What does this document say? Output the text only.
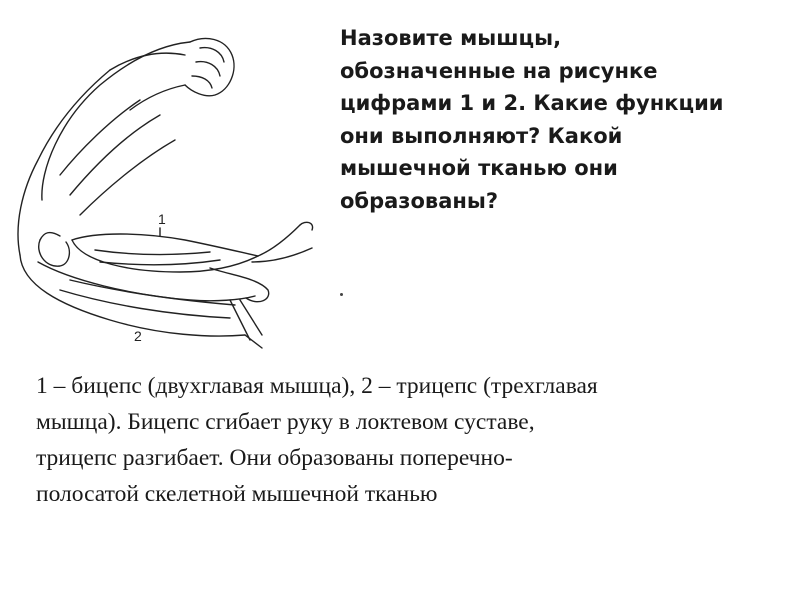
1
2

Назовите мышцы,
обозначенные на рисунке
цифрами 1 и 2. Какие функции
они выполняют? Какой
мышечной тканью они
образованы?

1 – бицепс (двухглавая мышца), 2 – трицепс (трехглавая
мышца). Бицепс сгибает руку в локтевом суставе,
трицепс разгибает. Они образованы поперечно-
полосатой скелетной мышечной тканью
